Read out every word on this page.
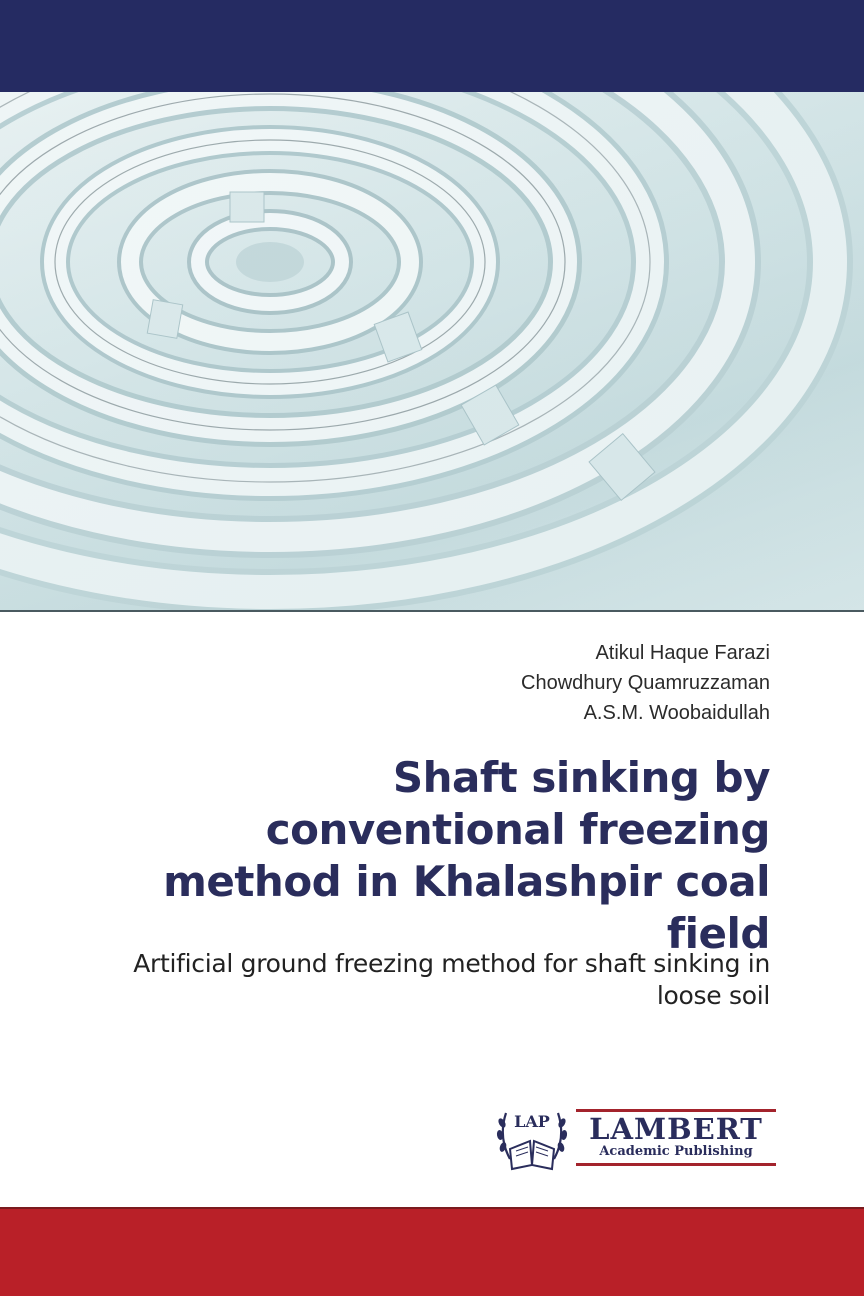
Atikul Haque Farazi
Chowdhury Quamruzzaman
A.S.M. Woobaidullah
Shaft sinking by
conventional freezing
method in Khalashpir coal
field
Artificial ground freezing method for shaft sinking in
loose soil
LAP	LAMBERT
Academic Publishing
